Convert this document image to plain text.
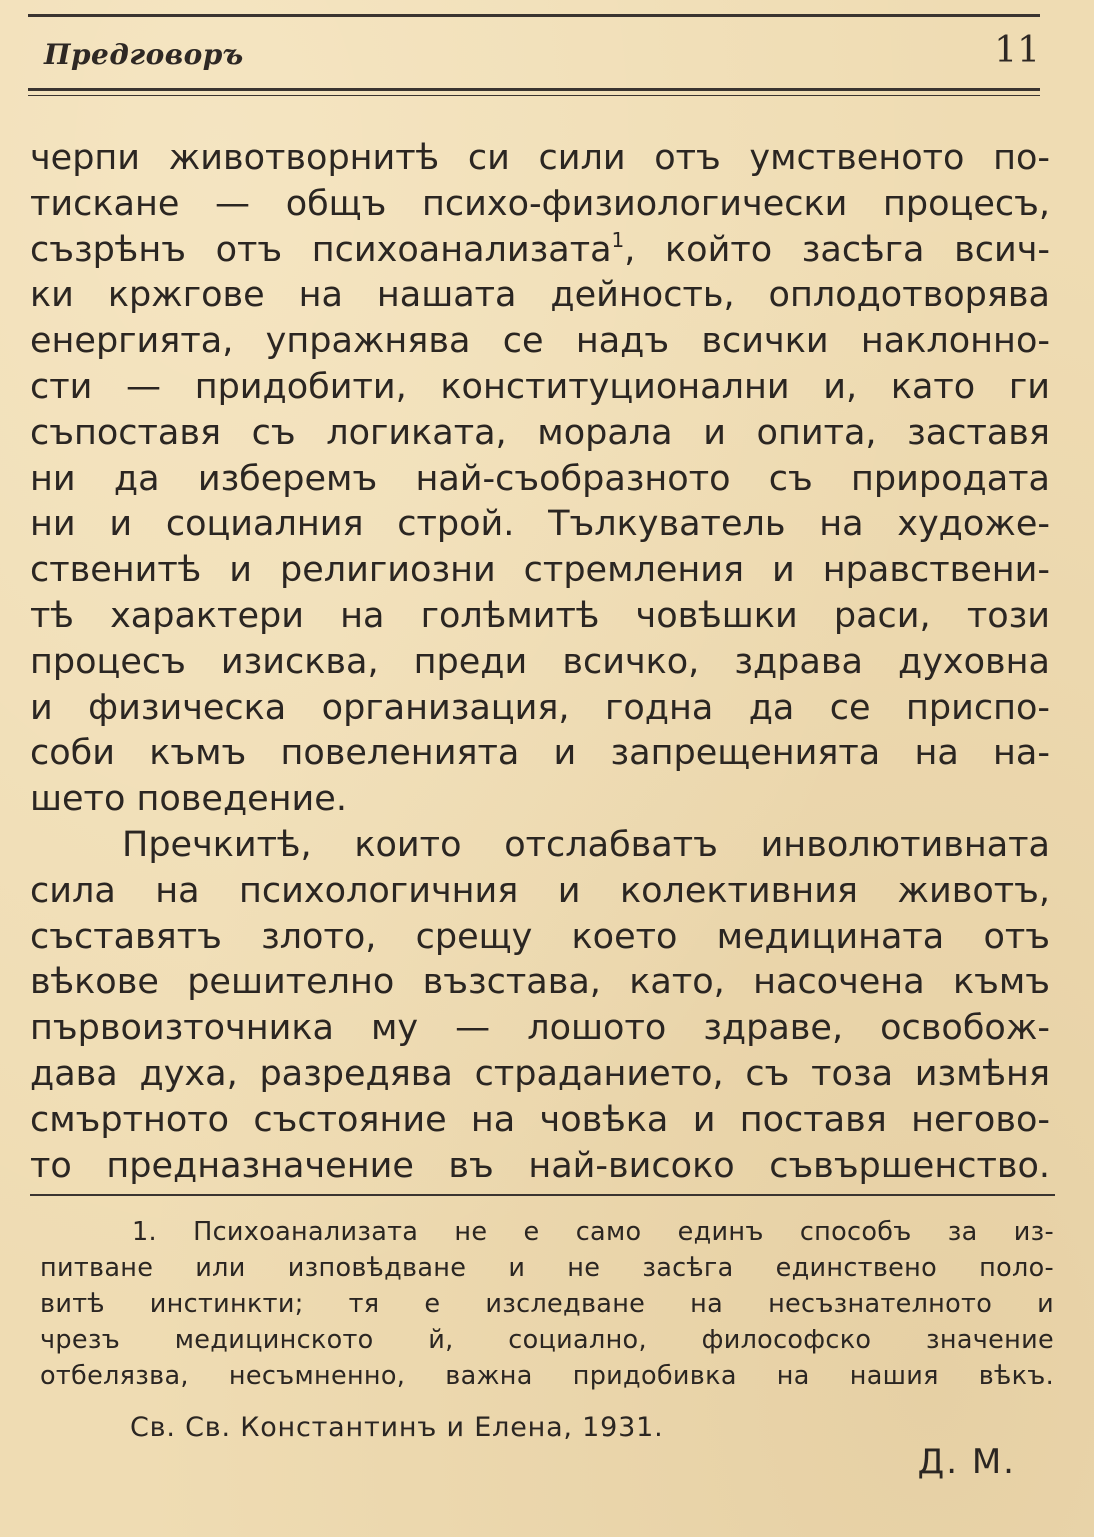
Предговоръ	11
черпи животворнитѣ си сили отъ умственото по-
тискане — общъ психо-физиологически процесъ,
съзрѣнъ отъ психоанализата$^1$, който засѣга всич-
ки кржгове на нашата дейность, оплодотворява
енергията, упражнява се надъ всички наклонно-
сти — придобити, конституционални и, като ги
съпоставя съ логиката, морала и опита, заставя
ни да изберемъ най-съобразното съ природата
ни и социалния строй. Тълкуватель на художе-
ственитѣ и религиозни стремления и нравствени-
тѣ характери на голѣмитѣ човѣшки раси, този
процесъ изисква, преди всичко, здрава духовна
и физическа организация, годна да се приспо-
соби къмъ повеленията и запрещенията на на-
шето поведение.
Пречкитѣ, които отслабватъ инволютивната
сила на психологичния и колективния животъ,
съставятъ злото, срещу което медицината отъ
вѣкове решително възстава, като, насочена къмъ
първоизточника му — лошото здраве, освобож-
дава духа, разредява страданието, съ тоза измѣня
смъртното състояние на човѣка и поставя негово-
то предназначение въ най-високо съвършенство.
1. Психоанализата не е само единъ способъ за из-
питване или изповѣдване и не засѣга единствено поло-
витѣ инстинкти; тя е изследване на несъзнателното и
чрезъ медицинското й, социално, философско значение
отбелязва, несъмненно, важна придобивка на нашия вѣкъ.
Св. Св. Константинъ и Елена, 1931.
Д. М.
